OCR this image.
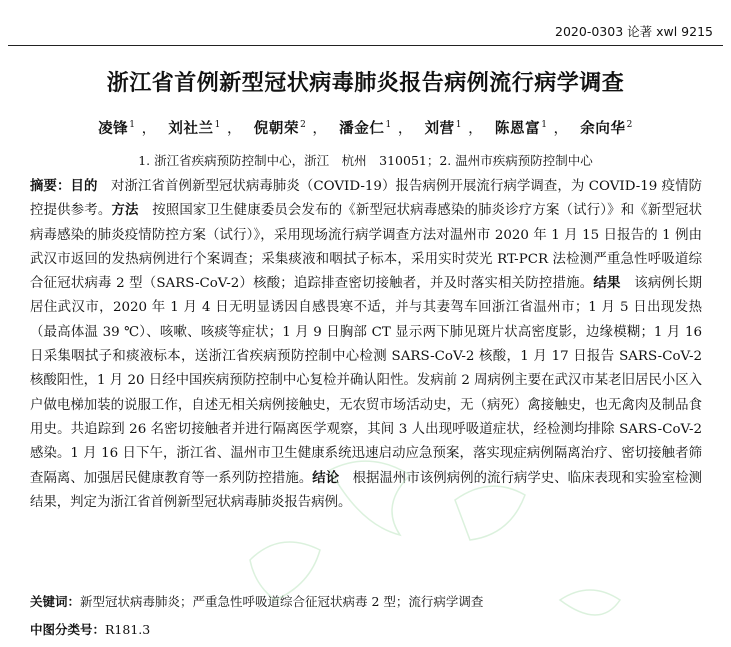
2020-0303 论著 xwl 9215
浙江省首例新型冠状病毒肺炎报告病例流行病学调查
凌锋$^1$ ， 刘社兰$^1$ ， 倪朝荣$^2$ ， 潘金仁$^1$ ， 刘营$^1$ ， 陈恩富$^1$ ， 余向华$^2$
1. 浙江省疾病预防控制中心，浙江　杭州　310051；2. 温州市疾病预防控制中心
摘要：目的　 对浙江省首例新型冠状病毒肺炎（COVID-19）报告病例开展流行病学调查，为 COVID-19 疫情防控提供参考。方法　 按照国家卫生健康委员会发布的《新型冠状病毒感染的肺炎诊疗方案（试行）》和《新型冠状病毒感染的肺炎疫情防控方案（试行）》，采用现场流行病学调查方法对温州市 2020 年 1 月 15 日报告的 1 例由武汉市返回的发热病例进行个案调查；采集痰液和咽拭子标本，采用实时荧光 RT-PCR 法检测严重急性呼吸道综合征冠状病毒 2 型（SARS-CoV-2）核酸；追踪排查密切接触者，并及时落实相关防控措施。结果　 该病例长期居住武汉市，2020 年 1 月 4 日无明显诱因自感畏寒不适，并与其妻驾车回浙江省温州市；1 月 5 日出现发热（最高体温 39 ℃）、咳嗽、咳痰等症状；1 月 9 日胸部 CT 显示两下肺见斑片状高密度影，边缘模糊；1 月 16 日采集咽拭子和痰液标本，送浙江省疾病预防控制中心检测 SARS-CoV-2 核酸，1 月 17 日报告 SARS-CoV-2 核酸阳性，1 月 20 日经中国疾病预防控制中心复检并确认阳性。发病前 2 周病例主要在武汉市某老旧居民小区入户做电梯加装的说服工作，自述无相关病例接触史，无农贸市场活动史，无（病死）禽接触史，也无禽肉及制品食用史。共追踪到 26 名密切接触者并进行隔离医学观察，其间 3 人出现呼吸道症状，经检测均排除 SARS-CoV-2 感染。1 月 16 日下午，浙江省、温州市卫生健康系统迅速启动应急预案，落实现症病例隔离治疗、密切接触者筛查隔离、加强居民健康教育等一系列防控措施。结论　 根据温州市该例病例的流行病学史、临床表现和实验室检测结果，判定为浙江省首例新型冠状病毒肺炎报告病例。
关键词：新型冠状病毒肺炎；严重急性呼吸道综合征冠状病毒 2 型；流行病学调查
中图分类号：R181.3
